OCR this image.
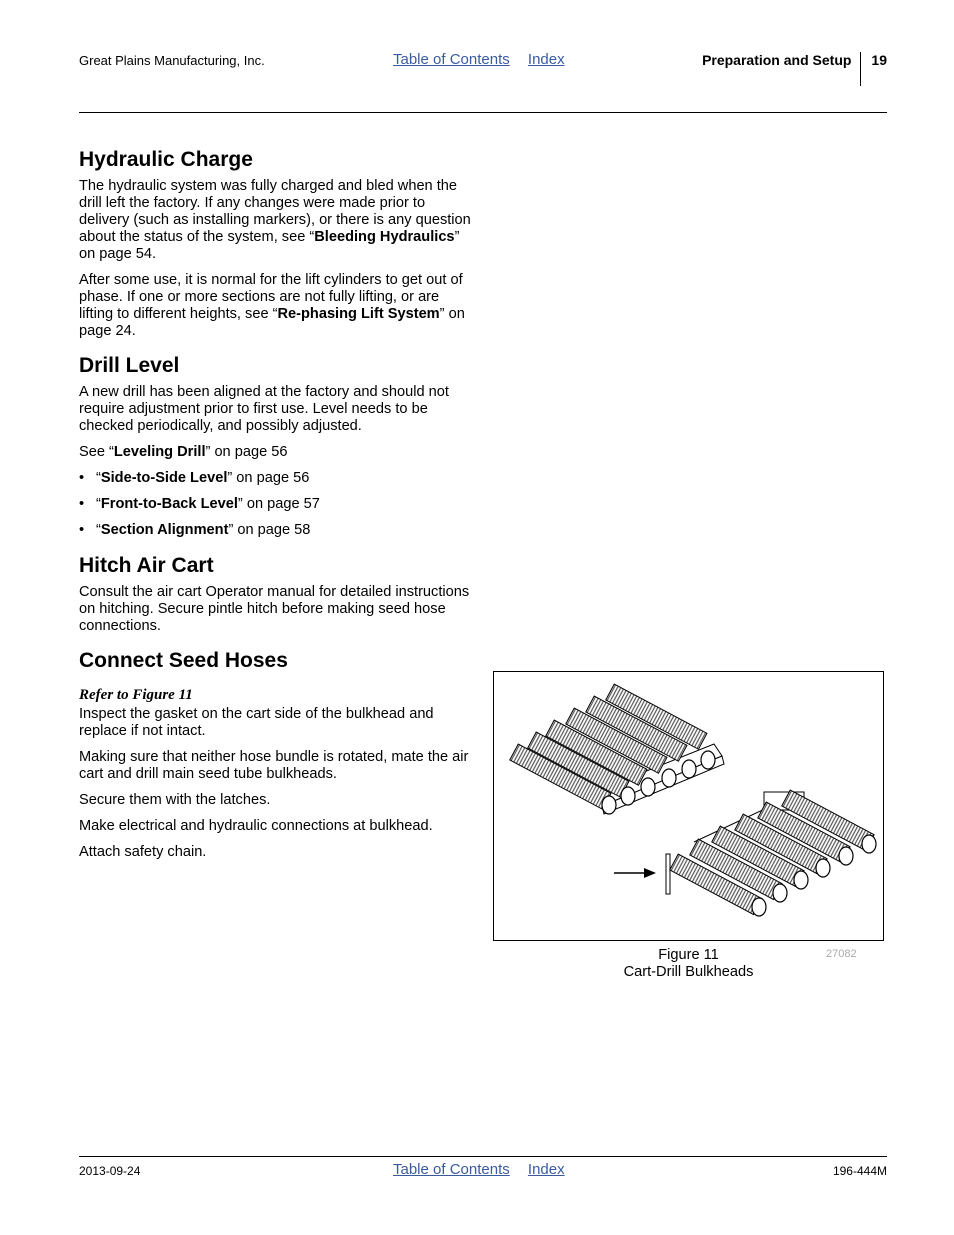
Great Plains Manufacturing, Inc.	Table of Contents Index	Preparation and Setup 19
Hydraulic Charge

The hydraulic system was fully charged and bled when the drill left the factory. If any changes were made prior to delivery (such as installing markers), or there is any question about the status of the system, see “Bleeding Hydraulics” on page 54.

After some use, it is normal for the lift cylinders to get out of phase. If one or more sections are not fully lifting, or are lifting to different heights, see “Re-phasing Lift System” on page 24.

Drill Level

A new drill has been aligned at the factory and should not require adjustment prior to first use. Level needs to be checked periodically, and possibly adjusted.

See “Leveling Drill” on page 56

• “Side-to-Side Level” on page 56
• “Front-to-Back Level” on page 57
• “Section Alignment” on page 58
Hitch Air Cart

Consult the air cart Operator manual for detailed instructions on hitching. Secure pintle hitch before making seed hose connections.

Connect Seed Hoses
Refer to Figure 11

Inspect the gasket on the cart side of the bulkhead and replace if not intact.

Making sure that neither hose bundle is rotated, mate the air cart and drill main seed tube bulkheads.

Secure them with the latches.

Make electrical and hydraulic connections at bulkhead.

Attach safety chain.

Figure 11
Cart-Drill Bulkheads
27082
2013-09-24	Table of Contents Index	196-444M
